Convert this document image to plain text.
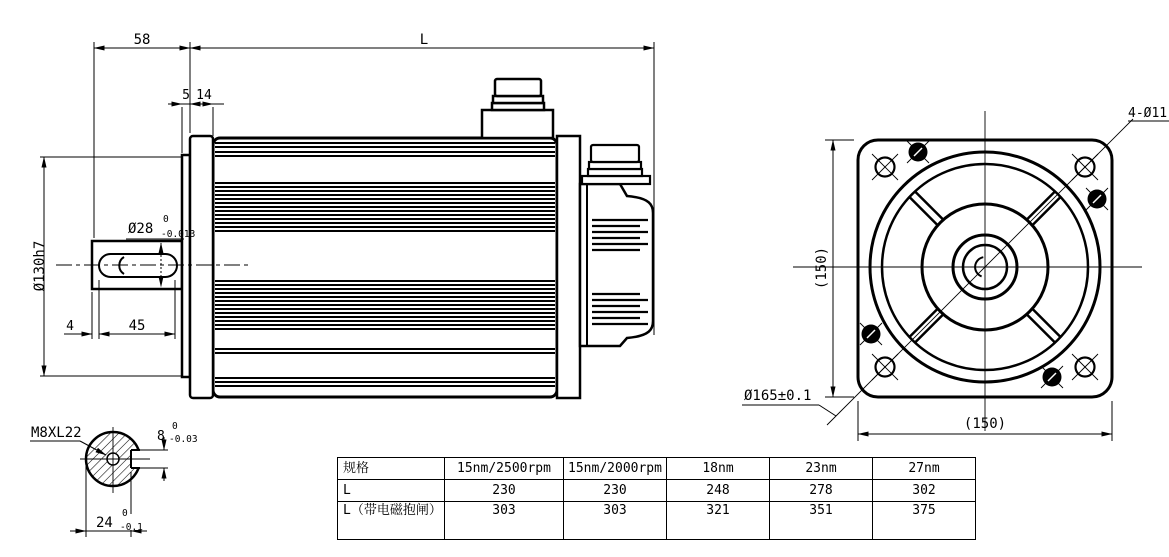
58	L
5 14
Ø28
0
-0.013
Ø130h7
4	45
M8XL22	8
0
-0.03
24
0
-0.1
(150)
(150)
4-Ø11
Ø165±0.1
规格	15nm/2500rpm	15nm/2000rpm	18nm	23nm	27nm
L	230	230	248	278	302
L（带电磁抱闸）	303	303	321	351	375
